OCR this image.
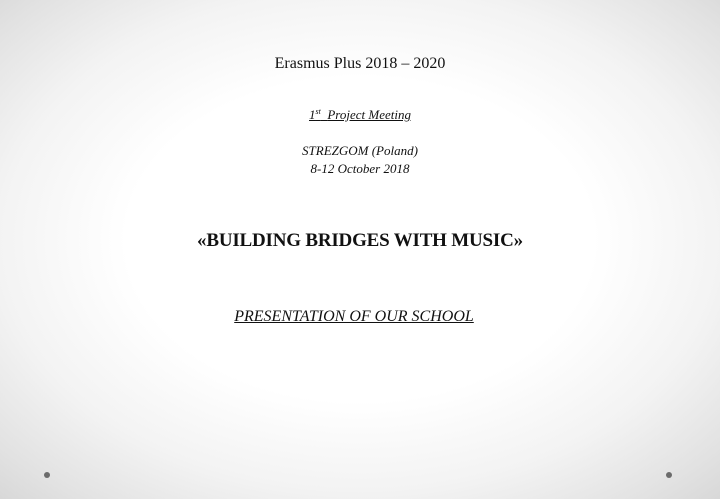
Erasmus Plus 2018 – 2020
1st Project Meeting
STREZGOM (Poland)
8-12 October 2018
«BUILDING BRIDGES WITH MUSIC»
PRESENTATION OF OUR SCHOOL
